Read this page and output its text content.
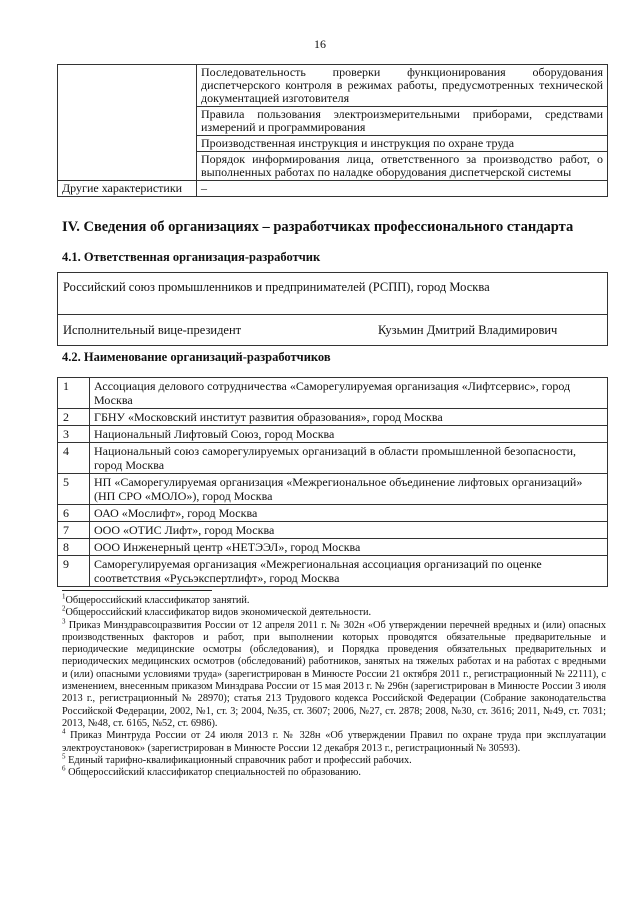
16
	Последовательность проверки функционирования оборудования диспетчерского контроля в режимах работы, предусмотренных технической документацией изготовителя
	Правила пользования электроизмерительными приборами, средствами измерений и программирования
	Производственная инструкция и инструкция по охране труда
	Порядок информирования лица, ответственного за производство работ, о выполненных работах по наладке оборудования диспетчерской системы
Другие характеристики	–
IV. Сведения об организациях – разработчиках профессионального стандарта
4.1. Ответственная организация-разработчик
Российский союз промышленников и предпринимателей (РСПП), город Москва
Исполнительный вице-президент	Кузьмин Дмитрий Владимирович
4.2. Наименование организаций-разработчиков
1	Ассоциация делового сотрудничества «Саморегулируемая организация «Лифтсервис», город Москва
2	ГБНУ «Московский институт развития образования», город Москва
3	Национальный Лифтовый Союз, город Москва
4	Национальный союз саморегулируемых организаций в области промышленной безопасности, город Москва
5	НП «Саморегулируемая организация «Межрегиональное объединение лифтовых организаций» (НП СРО «МОЛО»), город Москва
6	ОАО «Мослифт», город Москва
7	ООО «ОТИС Лифт», город Москва
8	ООО Инженерный центр «НЕТЭЭЛ», город Москва
9	Саморегулируемая организация «Межрегиональная ассоциация организаций по оценке соответствия «Русьэкспертлифт», город Москва

$^1$Общероссийский классификатор занятий.

$^2$Общероссийский классификатор видов экономической деятельности.

$^3$ Приказ Минздравсоцразвития России от 12 апреля 2011 г. № 302н «Об утверждении перечней вредных и (или) опасных производственных факторов и работ, при выполнении которых проводятся обязательные предварительные и периодические медицинские осмотры (обследования), и Порядка проведения обязательных предварительных и периодических медицинских осмотров (обследований) работников, занятых на тяжелых работах и на работах с вредными и (или) опасными условиями труда» (зарегистрирован в Минюсте России 21 октября 2011 г., регистрационный № 22111), с изменением, внесенным приказом Минздрава России от 15 мая 2013 г. № 296н (зарегистрирован в Минюсте России 3 июля 2013 г., регистрационный № 28970); статья 213 Трудового кодекса Российской Федерации (Собрание законодательства Российской Федерации, 2002, №1, ст. 3; 2004, №35, ст. 3607; 2006, №27, ст. 2878; 2008, №30, ст. 3616; 2011, №49, ст. 7031; 2013, №48, ст. 6165, №52, ст. 6986).

$^4$ Приказ Минтруда России от 24 июля 2013 г. № 328н «Об утверждении Правил по охране труда при эксплуатации электроустановок» (зарегистрирован в Минюсте России 12 декабря 2013 г., регистрационный № 30593).

$^5$ Единый тарифно-квалификационный справочник работ и профессий рабочих.

$^6$ Общероссийский классификатор специальностей по образованию.
